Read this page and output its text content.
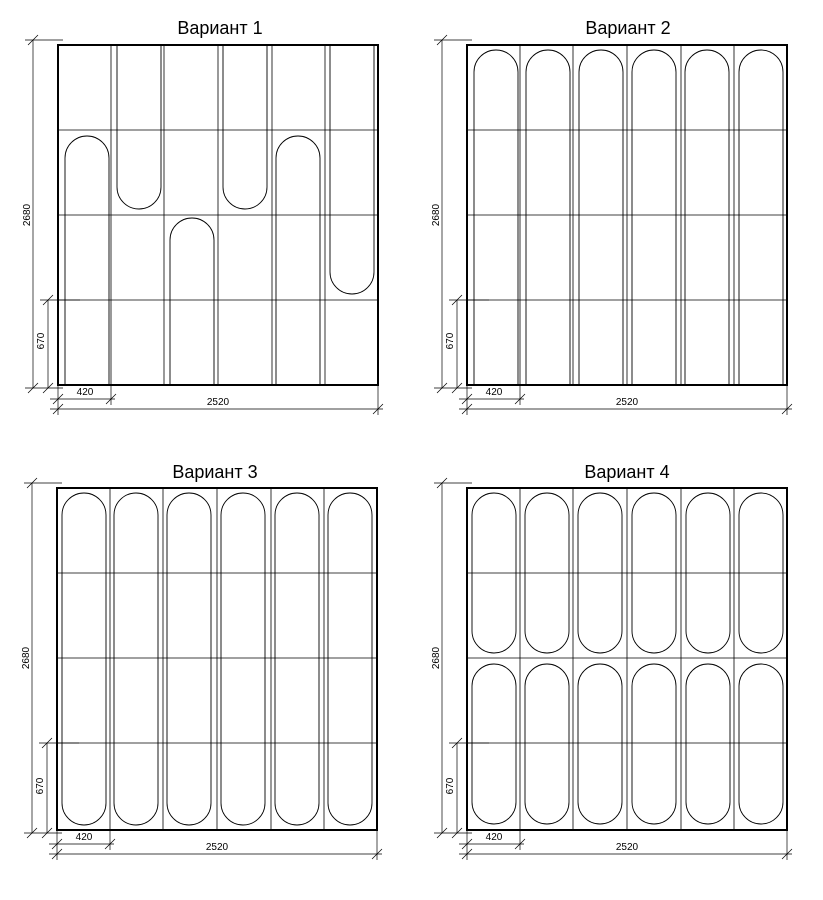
Вариант 1
2680
670
420
2520
Вариант 2
2680
670
420
2520
Вариант 3
2680
670
420
2520
Вариант 4
2680
670
420
2520
